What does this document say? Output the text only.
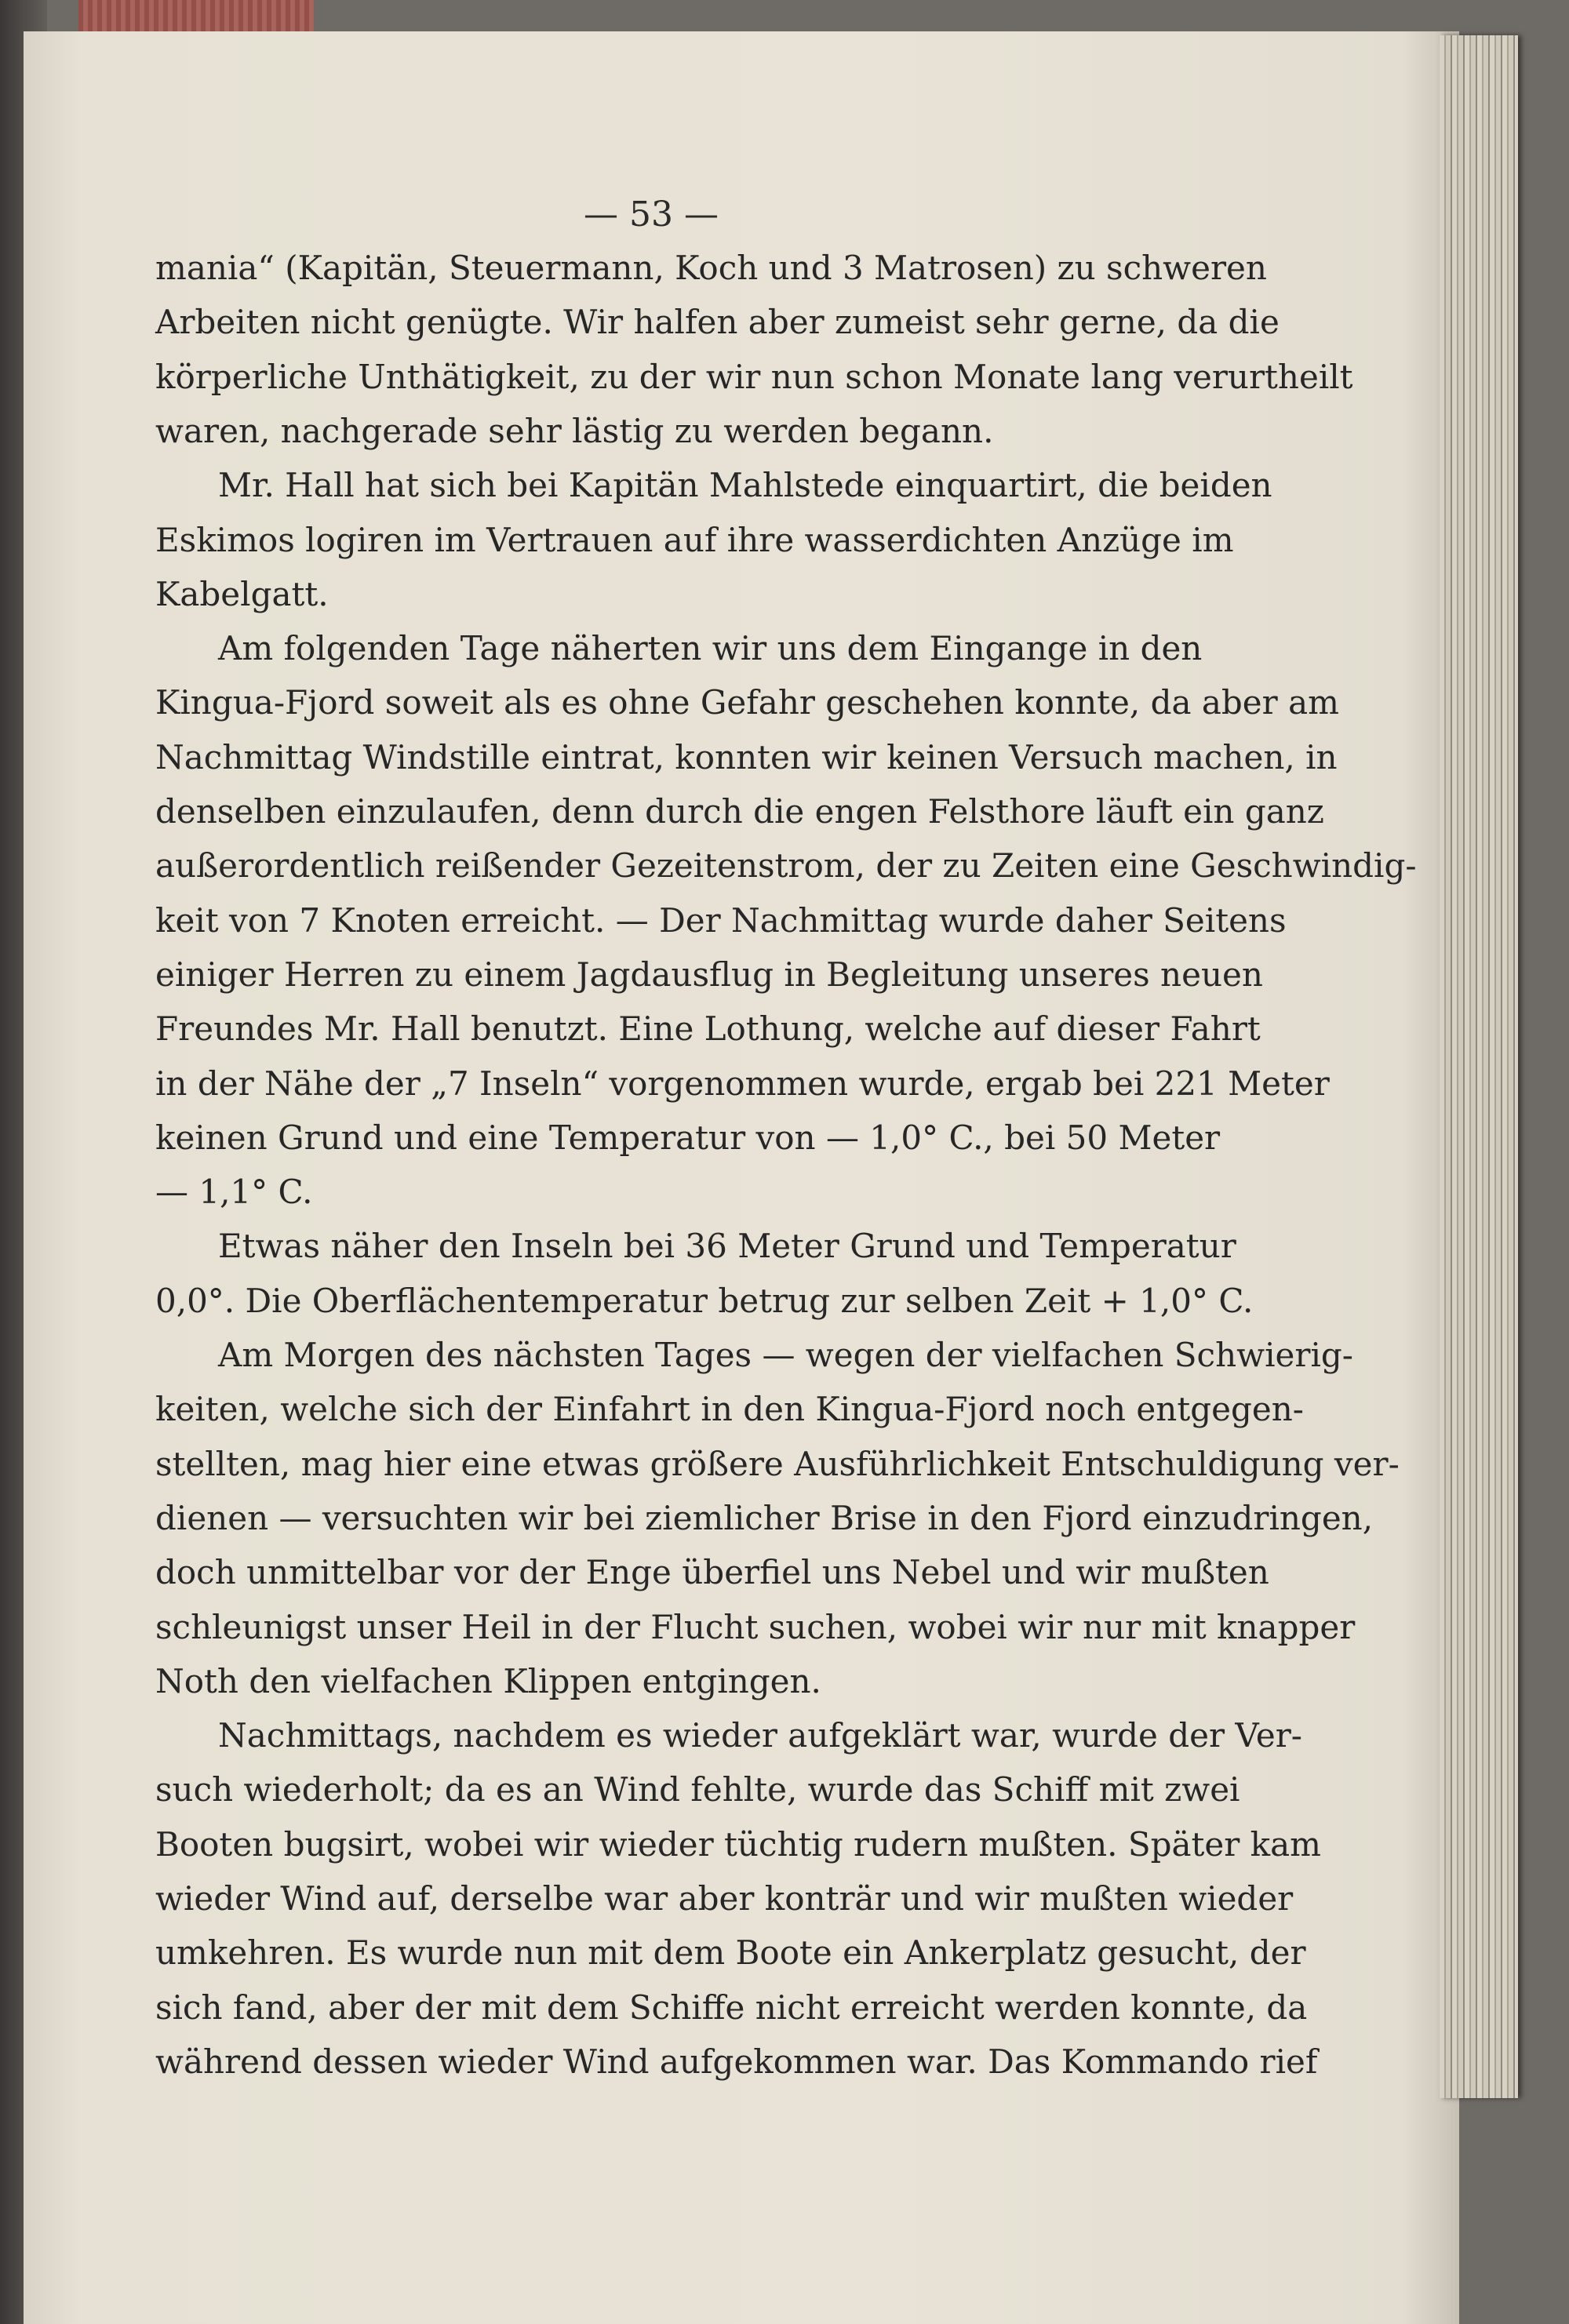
— 53 —
mania“ (Kapitän, Steuermann, Koch und 3 Matrosen) zu schweren
Arbeiten nicht genügte. Wir halfen aber zumeist sehr gerne, da die
körperliche Unthätigkeit, zu der wir nun schon Monate lang verurtheilt
waren, nachgerade sehr lästig zu werden begann.
Mr. Hall hat sich bei Kapitän Mahlstede einquartirt, die beiden
Eskimos logiren im Vertrauen auf ihre wasserdichten Anzüge im
Kabelgatt.
Am folgenden Tage näherten wir uns dem Eingange in den
Kingua-Fjord soweit als es ohne Gefahr geschehen konnte, da aber am
Nachmittag Windstille eintrat, konnten wir keinen Versuch machen, in
denselben einzulaufen, denn durch die engen Felsthore läuft ein ganz
außerordentlich reißender Gezeitenstrom, der zu Zeiten eine Geschwindig-
keit von 7 Knoten erreicht. — Der Nachmittag wurde daher Seitens
einiger Herren zu einem Jagdausflug in Begleitung unseres neuen
Freundes Mr. Hall benutzt. Eine Lothung, welche auf dieser Fahrt
in der Nähe der „7 Inseln“ vorgenommen wurde, ergab bei 221 Meter
keinen Grund und eine Temperatur von — 1,0° C., bei 50 Meter
— 1,1° C.
Etwas näher den Inseln bei 36 Meter Grund und Temperatur
0,0°. Die Oberflächentemperatur betrug zur selben Zeit + 1,0° C.
Am Morgen des nächsten Tages — wegen der vielfachen Schwierig-
keiten, welche sich der Einfahrt in den Kingua-Fjord noch entgegen-
stellten, mag hier eine etwas größere Ausführlichkeit Entschuldigung ver-
dienen — versuchten wir bei ziemlicher Brise in den Fjord einzudringen,
doch unmittelbar vor der Enge überfiel uns Nebel und wir mußten
schleunigst unser Heil in der Flucht suchen, wobei wir nur mit knapper
Noth den vielfachen Klippen entgingen.
Nachmittags, nachdem es wieder aufgeklärt war, wurde der Ver-
such wiederholt; da es an Wind fehlte, wurde das Schiff mit zwei
Booten bugsirt, wobei wir wieder tüchtig rudern mußten. Später kam
wieder Wind auf, derselbe war aber konträr und wir mußten wieder
umkehren. Es wurde nun mit dem Boote ein Ankerplatz gesucht, der
sich fand, aber der mit dem Schiffe nicht erreicht werden konnte, da
während dessen wieder Wind aufgekommen war. Das Kommando rief
